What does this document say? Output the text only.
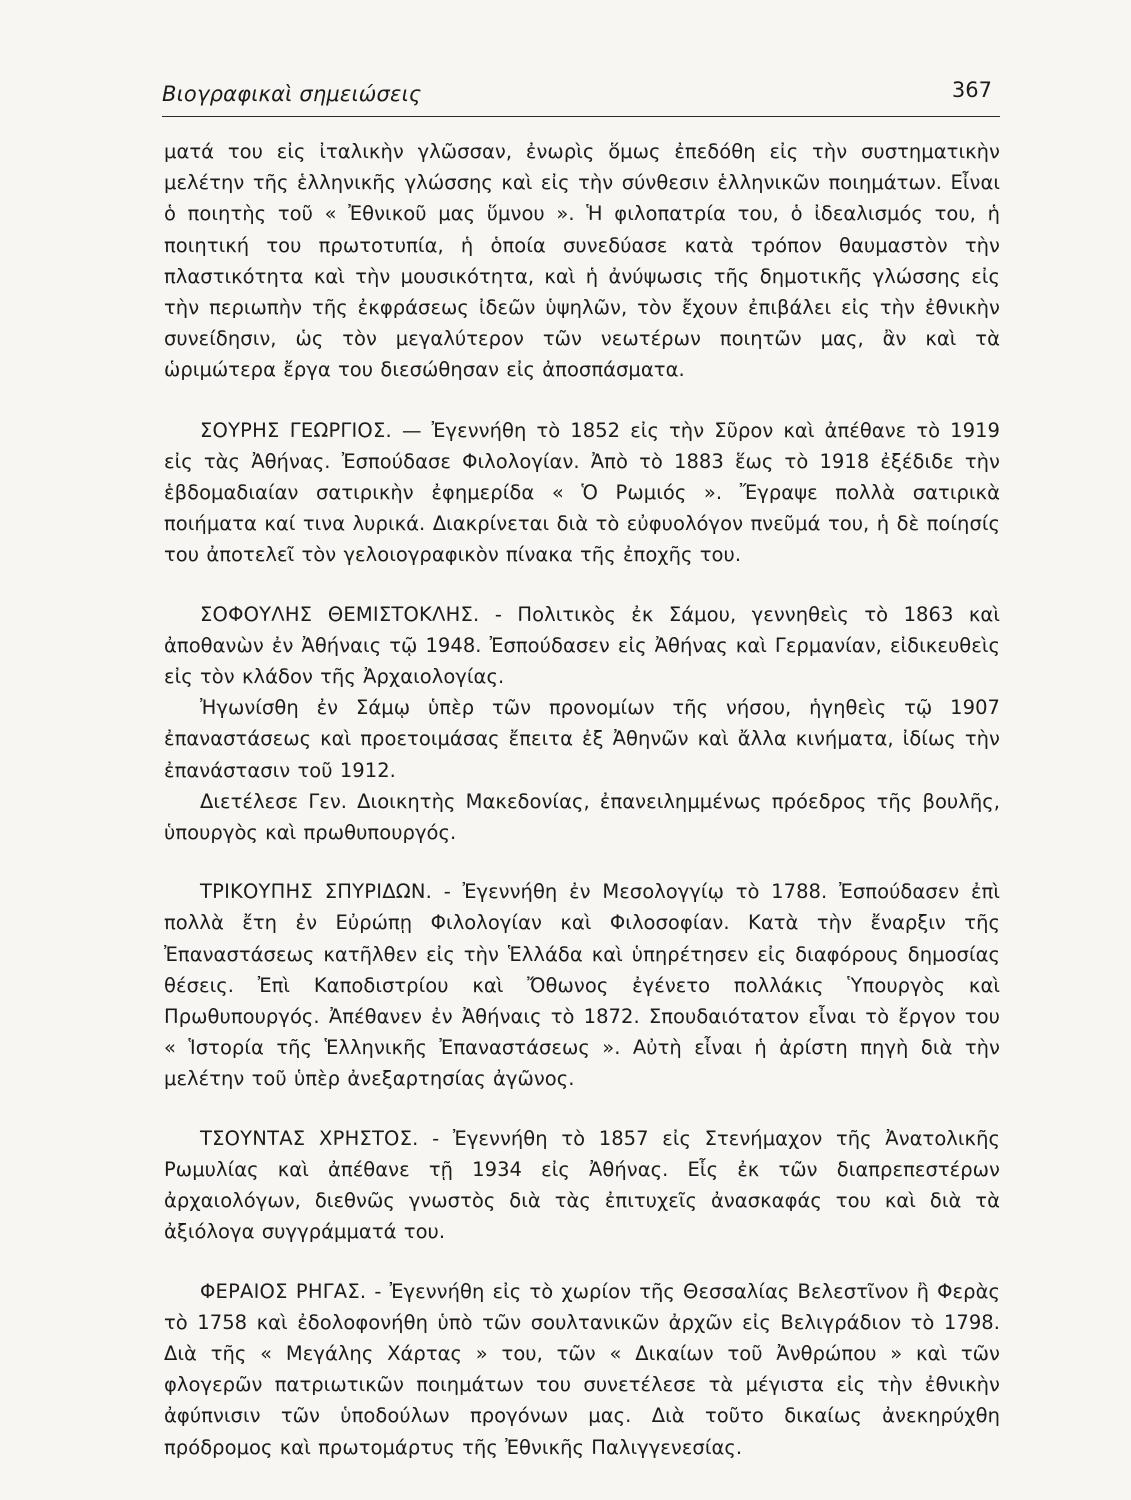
Βιογραφικαὶ σημειώσεις	367

ματά του εἰς ἰταλικὴν γλῶσσαν, ἐνωρὶς ὅμως ἐπεδόθη εἰς τὴν συστηματικὴν μελέτην τῆς ἑλληνικῆς γλώσσης καὶ εἰς τὴν σύνθεσιν ἑλληνικῶν ποιημάτων. Εἶναι ὁ ποιητὴς τοῦ « Ἐθνικοῦ μας ὕμνου ». Ἡ φιλοπατρία του, ὁ ἰδεαλισμός του, ἡ ποιητική του πρωτοτυπία, ἡ ὁποία συνεδύασε κατὰ τρόπον θαυμαστὸν τὴν πλαστικότητα καὶ τὴν μουσικότητα, καὶ ἡ ἀνύψωσις τῆς δημοτικῆς γλώσσης εἰς τὴν περιωπὴν τῆς ἐκφράσεως ἰδεῶν ὑψηλῶν, τὸν ἔχουν ἐπιβάλει εἰς τὴν ἐθνικὴν συνείδησιν, ὡς τὸν μεγαλύτερον τῶν νεωτέρων ποιητῶν μας, ἂν καὶ τὰ ὡριμώτερα ἔργα του διεσώθησαν εἰς ἀποσπάσματα.

ΣΟΥΡΗΣ ΓΕΩΡΓΙΟΣ. — Ἐγεννήθη τὸ 1852 εἰς τὴν Σῦρον καὶ ἀπέθανε τὸ 1919 εἰς τὰς Ἀθήνας. Ἐσπούδασε Φιλολογίαν. Ἀπὸ τὸ 1883 ἕως τὸ 1918 ἐξέδιδε τὴν ἑβδομαδιαίαν σατιρικὴν ἐφημερίδα « Ὁ Ρωμιός ». Ἔγραψε πολλὰ σατιρικὰ ποιήματα καί τινα λυρικά. Διακρίνεται διὰ τὸ εὐφυολόγον πνεῦμά του, ἡ δὲ ποίησίς του ἀποτελεῖ τὸν γελοιογραφικὸν πίνακα τῆς ἐποχῆς του.

ΣΟΦΟΥΛΗΣ ΘΕΜΙΣΤΟΚΛΗΣ. - Πολιτικὸς ἐκ Σάμου, γεννηθεὶς τὸ 1863 καὶ ἀποθανὼν ἐν Ἀθήναις τῷ 1948. Ἐσπούδασεν εἰς Ἀθήνας καὶ Γερμανίαν, εἰδικευθεὶς εἰς τὸν κλάδον τῆς Ἀρχαιολογίας.

Ἠγωνίσθη ἐν Σάμῳ ὑπὲρ τῶν προνομίων τῆς νήσου, ἡγηθεὶς τῷ 1907 ἐπαναστάσεως καὶ προετοιμάσας ἔπειτα ἐξ Ἀθηνῶν καὶ ἄλλα κινήματα, ἰδίως τὴν ἐπανάστασιν τοῦ 1912.

Διετέλεσε Γεν. Διοικητὴς Μακεδονίας, ἐπανειλημμένως πρόεδρος τῆς βουλῆς, ὑπουργὸς καὶ πρωθυπουργός.

ΤΡΙΚΟΥΠΗΣ ΣΠΥΡΙΔΩΝ. - Ἐγεννήθη ἐν Μεσολογγίῳ τὸ 1788. Ἐσπούδασεν ἐπὶ πολλὰ ἔτη ἐν Εὐρώπῃ Φιλολογίαν καὶ Φιλοσοφίαν. Κατὰ τὴν ἔναρξιν τῆς Ἐπαναστάσεως κατῆλθεν εἰς τὴν Ἑλλάδα καὶ ὑπηρέτησεν εἰς διαφόρους δημοσίας θέσεις. Ἐπὶ Καποδιστρίου καὶ Ὄθωνος ἐγένετο πολλάκις Ὑπουργὸς καὶ Πρωθυπουργός. Ἀπέθανεν ἐν Ἀθήναις τὸ 1872. Σπουδαιότατον εἶναι τὸ ἔργον του « Ἱστορία τῆς Ἑλληνικῆς Ἐπαναστάσεως ». Αὐτὴ εἶναι ἡ ἀρίστη πηγὴ διὰ τὴν μελέτην τοῦ ὑπὲρ ἀνεξαρτησίας ἀγῶνος.

ΤΣΟΥΝΤΑΣ ΧΡΗΣΤΟΣ. - Ἐγεννήθη τὸ 1857 εἰς Στενήμαχον τῆς Ἀνατολικῆς Ρωμυλίας καὶ ἀπέθανε τῇ 1934 εἰς Ἀθήνας. Εἷς ἐκ τῶν διαπρεπεστέρων ἀρχαιολόγων, διεθνῶς γνωστὸς διὰ τὰς ἐπιτυχεῖς ἀνασκαφάς του καὶ διὰ τὰ ἀξιόλογα συγγράμματά του.

ΦΕΡΑΙΟΣ ΡΗΓΑΣ. - Ἐγεννήθη εἰς τὸ χωρίον τῆς Θεσσαλίας Βελεστῖνον ἢ Φερὰς τὸ 1758 καὶ ἐδολοφονήθη ὑπὸ τῶν σουλτανικῶν ἀρχῶν εἰς Βελιγράδιον τὸ 1798. Διὰ τῆς « Μεγάλης Χάρτας » του, τῶν « Δικαίων τοῦ Ἀνθρώπου » καὶ τῶν φλογερῶν πατριωτικῶν ποιημάτων του συνετέλεσε τὰ μέγιστα εἰς τὴν ἐθνικὴν ἀφύπνισιν τῶν ὑποδούλων προγόνων μας. Διὰ τοῦτο δικαίως ἀνεκηρύχθη πρόδρομος καὶ πρωτομάρτυς τῆς Ἐθνικῆς Παλιγγενεσίας.
